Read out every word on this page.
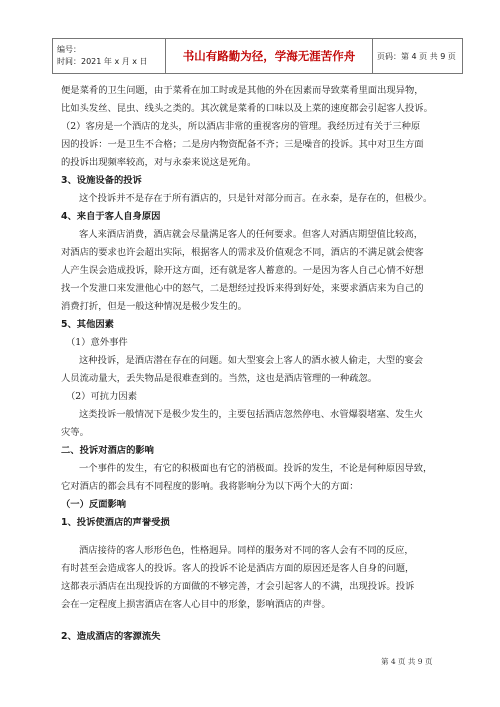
编号：
时间：2021 年 x 月 x 日	书山有路勤为径，学海无涯苦作舟	页码：第 4 页 共 9 页
便是菜肴的卫生问题，由于菜肴在加工时或是其他的外在因素而导致菜肴里面出现异物，
比如头发丝、昆虫、线头之类的。其次就是菜肴的口味以及上菜的速度都会引起客人投诉。
（2）客房是一个酒店的龙头，所以酒店非常的重视客房的管理。我经历过有关于三种原
因的投诉：一是卫生不合格；二是房内物资配备不齐；三是噪音的投诉。其中对卫生方面
的投诉出现频率较高，对与永泰来说这是死角。
3、设施设备的投诉
这个投诉并不是存在于所有酒店的，只是针对部分而言。在永泰，是存在的，但极少。
4、来自于客人自身原因
客人来酒店消费，酒店就会尽量满足客人的任何要求。但客人对酒店期望值比较高，
对酒店的要求也许会超出实际，根据客人的需求及价值观念不同，酒店的不满足就会使客
人产生误会造成投诉，除开这方面，还有就是客人蓄意的。一是因为客人自己心情不好想
找一个发泄口来发泄他心中的怒气，二是想经过投诉来得到好处，来要求酒店来为自己的
消费打折，但是一般这种情况是极少发生的。
5、其他因素
（1）意外事件
这种投诉，是酒店潜在存在的问题。如大型宴会上客人的酒水被人偷走，大型的宴会
人员流动量大，丢失物品是很难查到的。当然，这也是酒店管理的一种疏忽。
（2）可抗力因素
这类投诉一般情况下是极少发生的，主要包括酒店忽然停电、水管爆裂堵塞、发生火
灾等。
二、投诉对酒店的影响
一个事件的发生，有它的积极面也有它的消极面。投诉的发生，不论是何种原因导致，
它对酒店的都会具有不同程度的影响。我将影响分为以下两个大的方面：
（一）反面影响
1、投诉使酒店的声誉受损
酒店接待的客人形形色色，性格迥异。同样的服务对不同的客人会有不同的反应，
有时甚至会造成客人的投诉。客人的投诉不论是酒店方面的原因还是客人自身的问题，
这都表示酒店在出现投诉的方面做的不够完善，才会引起客人的不满，出现投诉。投诉
会在一定程度上损害酒店在客人心目中的形象，影响酒店的声誉。
2、造成酒店的客源流失
第 4 页 共 9 页
